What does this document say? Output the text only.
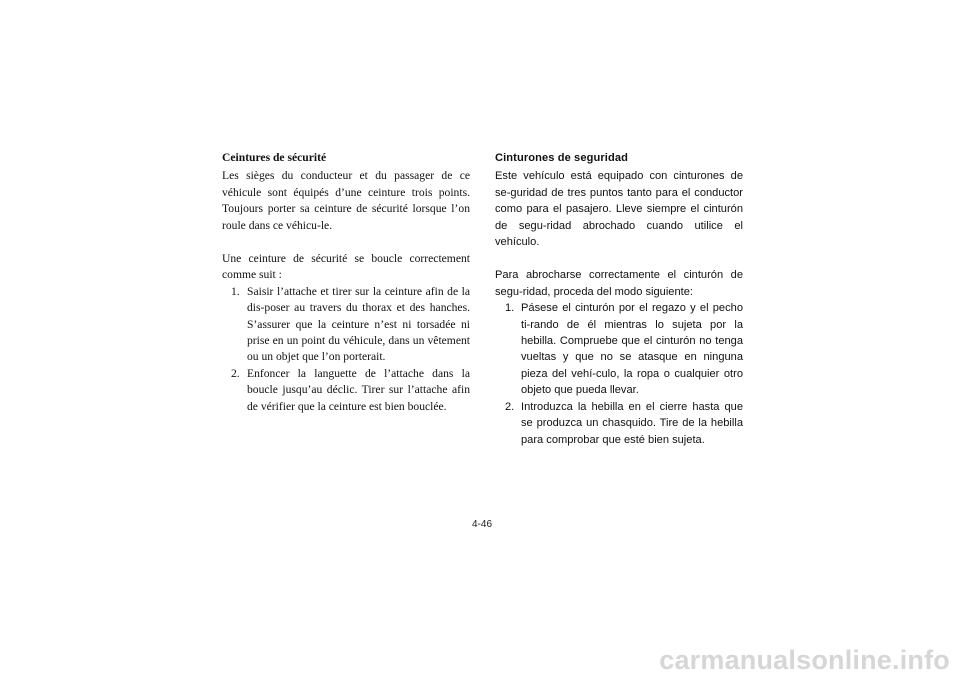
Ceintures de sécurité

Les sièges du conducteur et du passager de ce véhicule sont équipés d’une ceinture trois points. Toujours porter sa ceinture de sécurité lorsque l’on roule dans ce véhicu-le.

Une ceinture de sécurité se boucle correctement comme suit :

1. Saisir l’attache et tirer sur la ceinture afin de la dis-poser au travers du thorax et des hanches. S’assurer que la ceinture n’est ni torsadée ni prise en un point du véhicule, dans un vêtement ou un objet que l’on porterait.
2. Enfoncer la languette de l’attache dans la boucle jusqu’au déclic. Tirer sur l’attache afin de vérifier que la ceinture est bien bouclée.
Cinturones de seguridad

Este vehículo está equipado con cinturones de se-guridad de tres puntos tanto para el conductor como para el pasajero. Lleve siempre el cinturón de segu-ridad abrochado cuando utilice el vehículo.

Para abrocharse correctamente el cinturón de segu-ridad, proceda del modo siguiente:

1. Pásese el cinturón por el regazo y el pecho ti-rando de él mientras lo sujeta por la hebilla. Compruebe que el cinturón no tenga vueltas y que no se atasque en ninguna pieza del vehí-culo, la ropa o cualquier otro objeto que pueda llevar.
2. Introduzca la hebilla en el cierre hasta que se produzca un chasquido. Tire de la hebilla para comprobar que esté bien sujeta.
4-46
carmanualsonline.info
